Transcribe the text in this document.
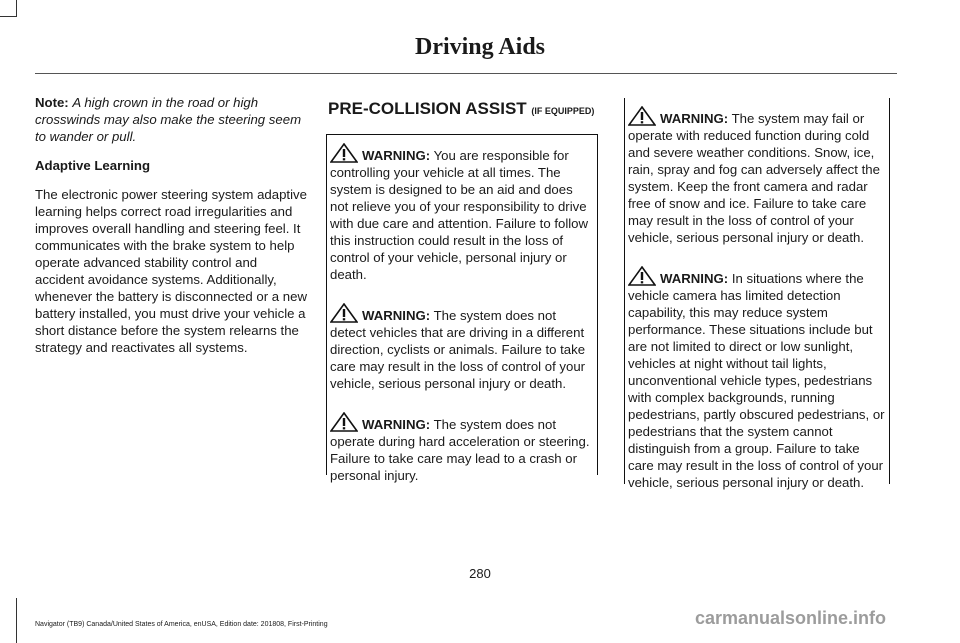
Driving Aids

Note: A high crown in the road or high crosswinds may also make the steering seem to wander or pull.

Adaptive Learning

The electronic power steering system adaptive learning helps correct road irregularities and improves overall handling and steering feel. It communicates with the brake system to help operate advanced stability control and accident avoidance systems. Additionally, whenever the battery is disconnected or a new battery installed, you must drive your vehicle a short distance before the system relearns the strategy and reactivates all systems.

PRE-COLLISION ASSIST (IF EQUIPPED)
WARNING: You are responsible for controlling your vehicle at all times. The system is designed to be an aid and does not relieve you of your responsibility to drive with due care and attention. Failure to follow this instruction could result in the loss of control of your vehicle, personal injury or death.
WARNING: The system does not detect vehicles that are driving in a different direction, cyclists or animals. Failure to take care may result in the loss of control of your vehicle, serious personal injury or death.
WARNING: The system does not operate during hard acceleration or steering. Failure to take care may lead to a crash or personal injury.
WARNING: The system may fail or operate with reduced function during cold and severe weather conditions. Snow, ice, rain, spray and fog can adversely affect the system. Keep the front camera and radar free of snow and ice. Failure to take care may result in the loss of control of your vehicle, serious personal injury or death.
WARNING: In situations where the vehicle camera has limited detection capability, this may reduce system performance. These situations include but are not limited to direct or low sunlight, vehicles at night without tail lights, unconventional vehicle types, pedestrians with complex backgrounds, running pedestrians, partly obscured pedestrians, or pedestrians that the system cannot distinguish from a group. Failure to take care may result in the loss of control of your vehicle, serious personal injury or death.
280
Navigator (TB9) Canada/United States of America, enUSA, Edition date: 201808, First-Printing	carmanualsonline.info
